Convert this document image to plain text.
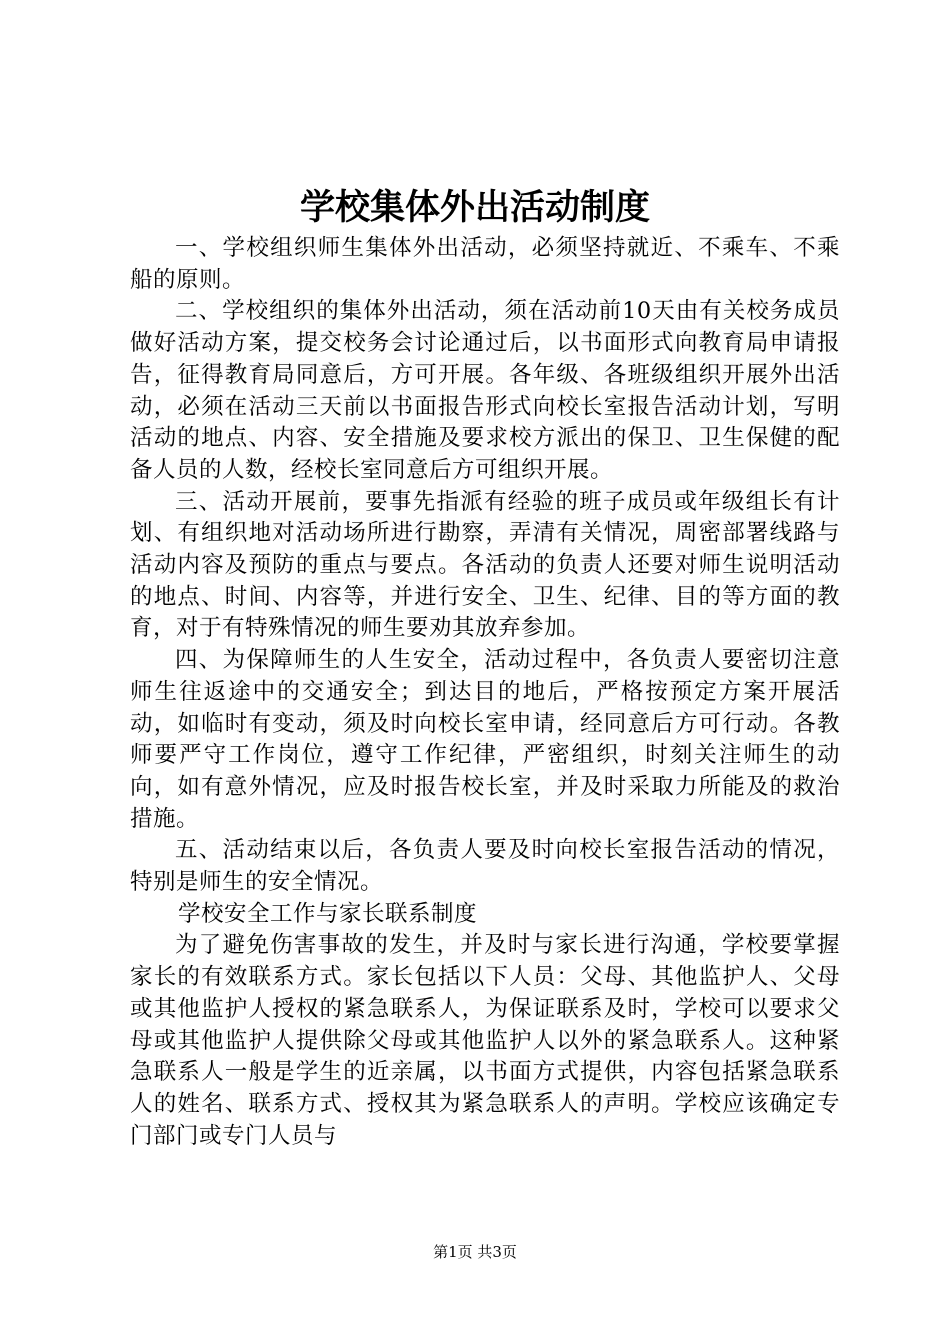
学校集体外出活动制度

一、学校组织师生集体外出活动，必须坚持就近、不乘车、不乘船的原则。

二、学校组织的集体外出活动，须在活动前10天由有关校务成员做好活动方案，提交校务会讨论通过后，以书面形式向教育局申请报告，征得教育局同意后，方可开展。各年级、各班级组织开展外出活动，必须在活动三天前以书面报告形式向校长室报告活动计划，写明活动的地点、内容、安全措施及要求校方派出的保卫、卫生保健的配备人员的人数，经校长室同意后方可组织开展。

三、活动开展前，要事先指派有经验的班子成员或年级组长有计划、有组织地对活动场所进行勘察，弄清有关情况，周密部署线路与活动内容及预防的重点与要点。各活动的负责人还要对师生说明活动的地点、时间、内容等，并进行安全、卫生、纪律、目的等方面的教育，对于有特殊情况的师生要劝其放弃参加。

四、为保障师生的人生安全，活动过程中，各负责人要密切注意师生往返途中的交通安全；到达目的地后，严格按预定方案开展活动，如临时有变动，须及时向校长室申请，经同意后方可行动。各教师要严守工作岗位，遵守工作纪律，严密组织，时刻关注师生的动向，如有意外情况，应及时报告校长室，并及时采取力所能及的救治措施。

五、活动结束以后，各负责人要及时向校长室报告活动的情况，特别是师生的安全情况。

学校安全工作与家长联系制度

为了避免伤害事故的发生，并及时与家长进行沟通，学校要掌握家长的有效联系方式。家长包括以下人员：父母、其他监护人、父母或其他监护人授权的紧急联系人，为保证联系及时，学校可以要求父母或其他监护人提供除父母或其他监护人以外的紧急联系人。这种紧急联系人一般是学生的近亲属，以书面方式提供，内容包括紧急联系人的姓名、联系方式、授权其为紧急联系人的声明。学校应该确定专门部门或专门人员与

第1页 共3页
